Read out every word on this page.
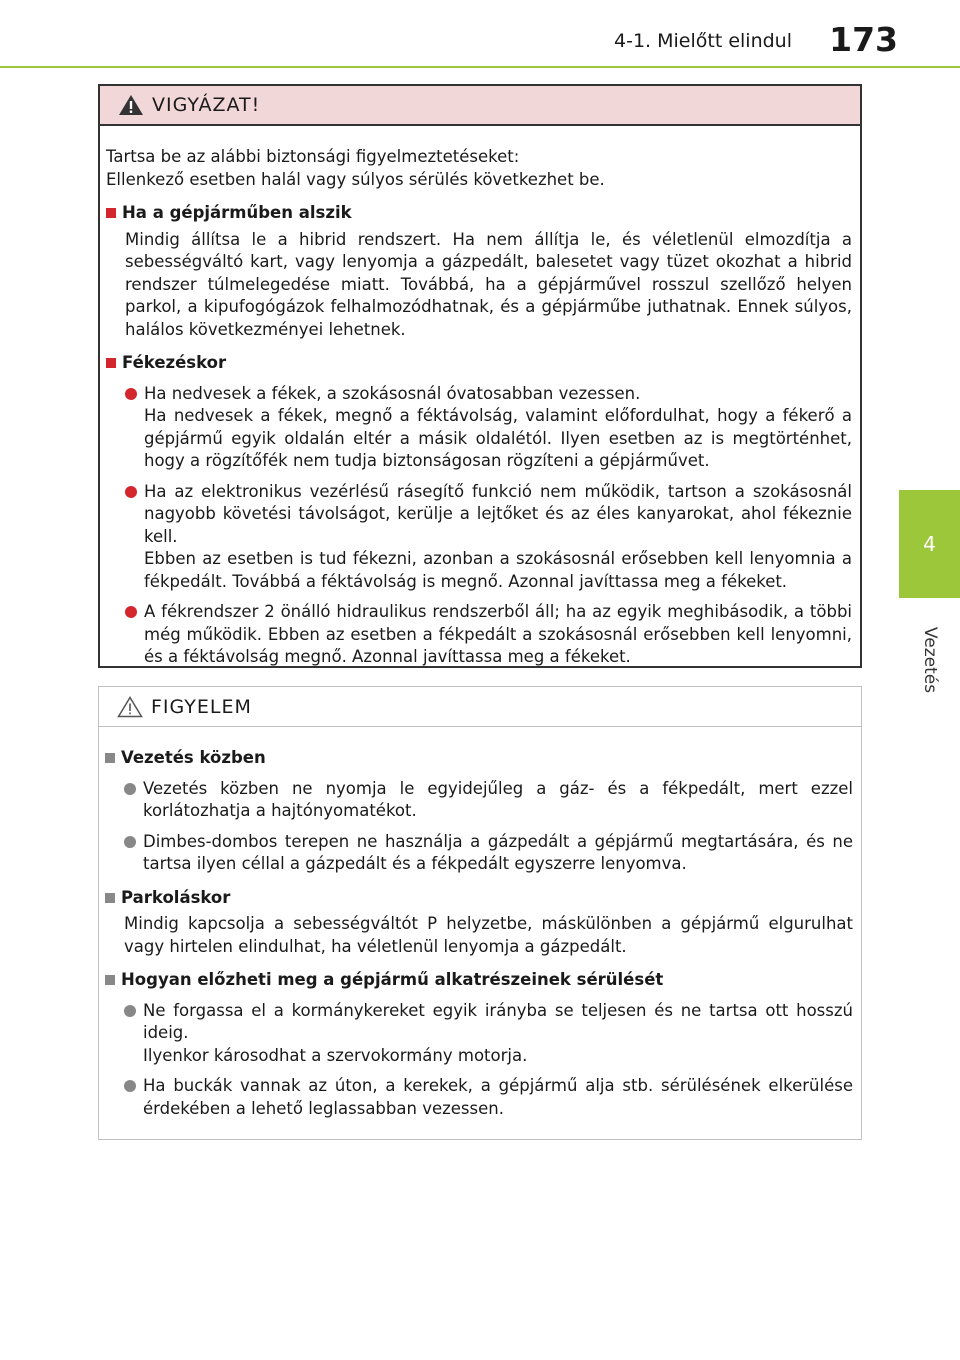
4-1. Mielőtt elindul	173
4
Vezetés
VIGYÁZAT!

Tartsa be az alábbi biztonsági figyelmeztetéseket:

Ellenkező esetben halál vagy súlyos sérülés következhet be.

Ha a gépjárműben alszik
Mindig állítsa le a hibrid rendszert. Ha nem állítja le, és véletlenül elmozdítja a sebességváltó kart, vagy lenyomja a gázpedált, balesetet vagy tüzet okozhat a hibrid rendszer túlmelegedése miatt. Továbbá, ha a gépjárművel rosszul szellőző helyen parkol, a kipufogógázok felhalmozódhatnak, és a gépjárműbe juthatnak. Ennek súlyos, halálos következményei lehetnek.
Fékezéskor

Ha nedvesek a fékek, a szokásosnál óvatosabban vezessen.

Ha nedvesek a fékek, megnő a féktávolság, valamint előfordulhat, hogy a fékerő a gépjármű egyik oldalán eltér a másik oldalétól. Ilyen esetben az is megtörténhet, hogy a rögzítőfék nem tudja biztonságosan rögzíteni a gépjárművet.

Ha az elektronikus vezérlésű rásegítő funkció nem működik, tartson a szokásosnál nagyobb követési távolságot, kerülje a lejtőket és az éles kanyarokat, ahol fékeznie kell.

Ebben az esetben is tud fékezni, azonban a szokásosnál erősebben kell lenyomnia a fékpedált. Továbbá a féktávolság is megnő. Azonnal javíttassa meg a fékeket.

A fékrendszer 2 önálló hidraulikus rendszerből áll; ha az egyik meghibásodik, a többi még működik. Ebben az esetben a fékpedált a szokásosnál erősebben kell lenyomni, és a féktávolság megnő. Azonnal javíttassa meg a fékeket.

FIGYELEM
Vezetés közben

Vezetés közben ne nyomja le egyidejűleg a gáz- és a fékpedált, mert ezzel korlátozhatja a hajtónyomatékot.

Dimbes-dombos terepen ne használja a gázpedált a gépjármű megtartására, és ne tartsa ilyen céllal a gázpedált és a fékpedált egyszerre lenyomva.

Parkoláskor
Mindig kapcsolja a sebességváltót P helyzetbe, máskülönben a gépjármű elgurulhat vagy hirtelen elindulhat, ha véletlenül lenyomja a gázpedált.
Hogyan előzheti meg a gépjármű alkatrészeinek sérülését

Ne forgassa el a kormánykereket egyik irányba se teljesen és ne tartsa ott hosszú ideig.

Ilyenkor károsodhat a szervokormány motorja.

Ha buckák vannak az úton, a kerekek, a gépjármű alja stb. sérülésének elkerülése érdekében a lehető leglassabban vezessen.
